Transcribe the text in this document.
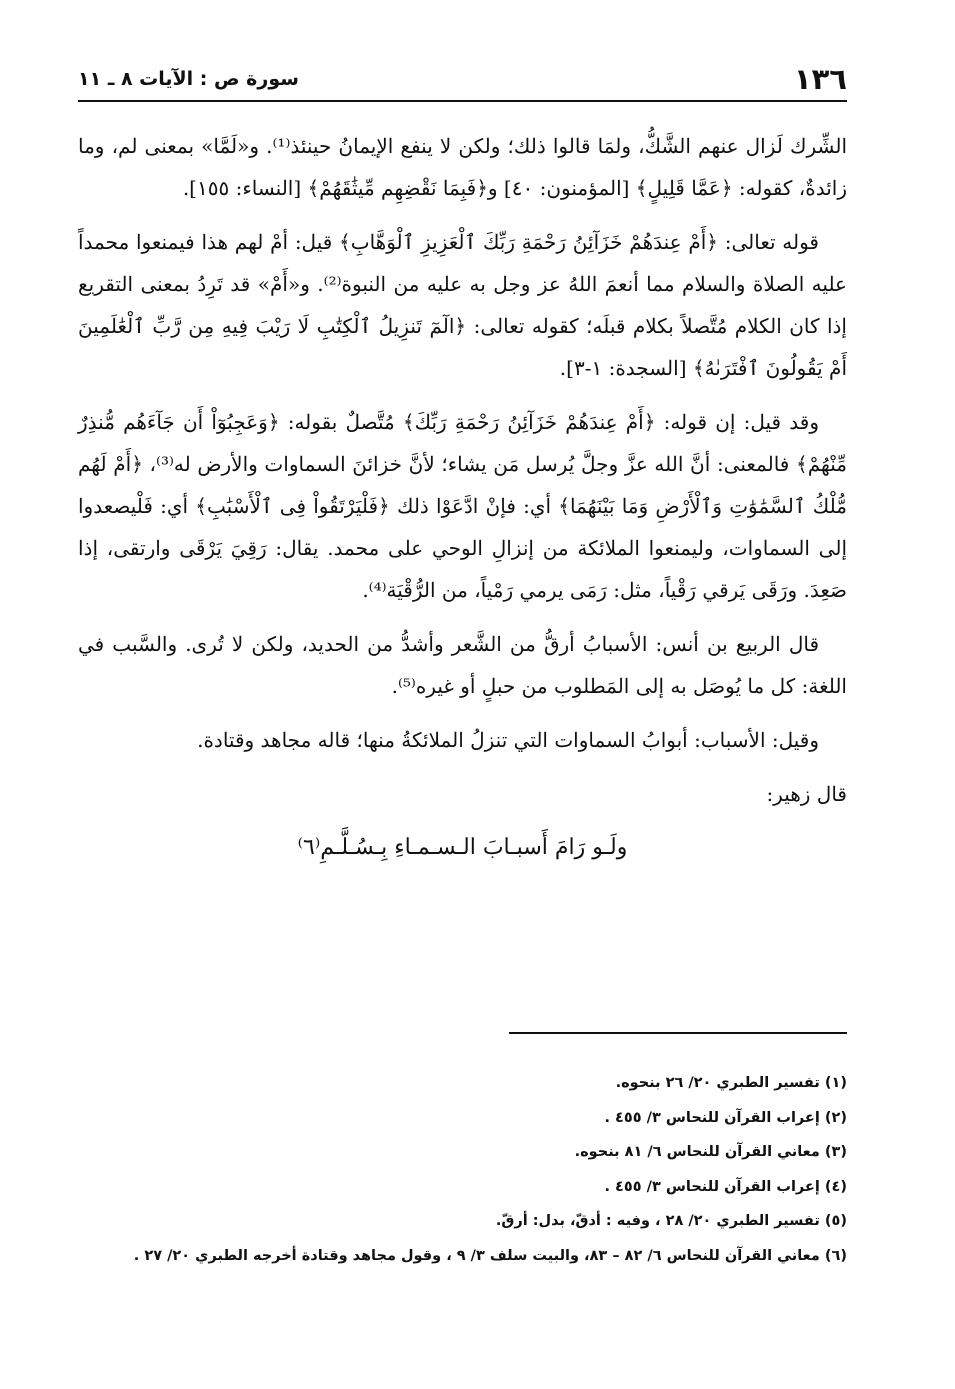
١٣٦
سورة ص : الآيات ٨ ـ ١١

الشِّرك لَزال عنهم الشَّكُّ، ولمَا قالوا ذلك؛ ولكن لا ينفع الإيمانُ حينئذ⁽¹⁾. و«لَمَّا» بمعنى لم، وما زائدةٌ، كقوله: ﴿عَمَّا قَلِيلٍ﴾ [المؤمنون: ٤٠] و﴿فَبِمَا نَقْضِهِم مِّيثَٰقَهُمْ﴾ [النساء: ١٥٥].

قوله تعالى: ﴿أَمْ عِندَهُمْ خَزَآئِنُ رَحْمَةِ رَبِّكَ ٱلْعَزِيزِ ٱلْوَهَّابِ﴾ قيل: أمْ لهم هذا فيمنعوا محمداً عليه الصلاة والسلام مما أنعمَ اللهُ عز وجل به عليه من النبوة⁽²⁾. و«أَمْ» قد تَرِدُ بمعنى التقريع إذا كان الكلام مُتَّصلاً بكلام قبلَه؛ كقوله تعالى: ﴿الٓمٓ تَنزِيلُ ٱلْكِتَٰبِ لَا رَيْبَ فِيهِ مِن رَّبِّ ٱلْعَٰلَمِينَ أَمْ يَقُولُونَ ٱفْتَرَىٰهُ﴾ [السجدة: ١-٣].

وقد قيل: إن قوله: ﴿أَمْ عِندَهُمْ خَزَآئِنُ رَحْمَةِ رَبِّكَ﴾ مُتَّصلٌ بقوله: ﴿وَعَجِبُوٓاْ أَن جَآءَهُم مُّنذِرٌ مِّنْهُمْ﴾ فالمعنى: أنَّ الله عزَّ وجلَّ يُرسل مَن يشاء؛ لأنَّ خزائنَ السماوات والأرض له⁽³⁾، ﴿أَمْ لَهُم مُّلْكُ ٱلسَّمَٰوَٰتِ وَٱلْأَرْضِ وَمَا بَيْنَهُمَا﴾ أي: فإنْ ادَّعَوْا ذلك ﴿فَلْيَرْتَقُواْ فِى ٱلْأَسْبَٰبِ﴾ أي: فَلْيصعدوا إلى السماوات، وليمنعوا الملائكة من إنزالِ الوحي على محمد. يقال: رَقِيَ يَرْقَى وارتقى، إذا صَعِدَ. ورَقَى يَرقي رَقْياً، مثل: رَمَى يرمي رَمْياً، من الرُّقْيَة⁽⁴⁾.

قال الربيع بن أنس: الأسبابُ أرقُّ من الشَّعر وأشدُّ من الحديد، ولكن لا تُرى. والسَّبب في اللغة: كل ما يُوصَل به إلى المَطلوب من حبلٍ أو غيره⁽⁵⁾.

وقيل: الأسباب: أبوابُ السماوات التي تنزلُ الملائكةُ منها؛ قاله مجاهد وقتادة.

قال زهير:

ولَـو رَامَ أَسبـابَ الـسـمـاءِ بِـسُـلَّـمِ⁽٦⁾
(١) تفسير الطبري ٢٠/ ٢٦ بنحوه.
(٢) إعراب القرآن للنحاس ٣/ ٤٥٥ .
(٣) معاني القرآن للنحاس ٦/ ٨١ بنحوه.
(٤) إعراب القرآن للنحاس ٣/ ٤٥٥ .
(٥) تفسير الطبري ٢٠/ ٢٨ ، وفيه : أدقّ، بدل: أرقّ.
(٦) معاني القرآن للنحاس ٦/ ٨٢ – ٨٣، والبيت سلف ٣/ ٩ ، وقول مجاهد وقتادة أخرجه الطبري ٢٠/ ٢٧ .
